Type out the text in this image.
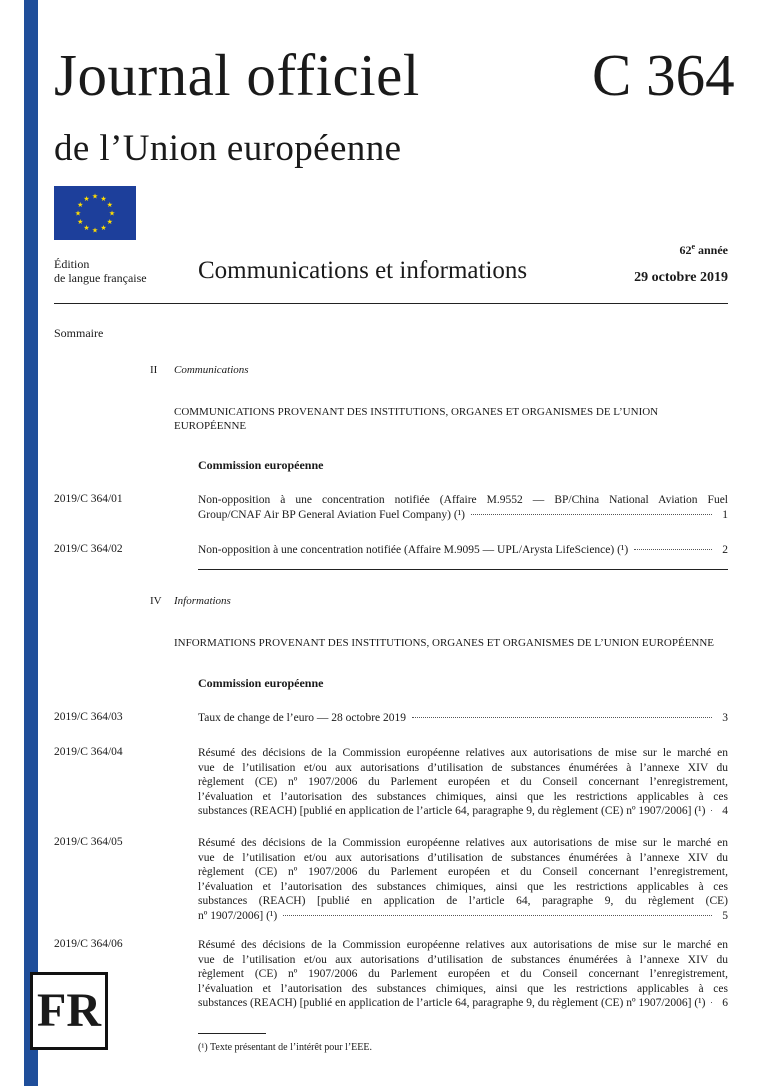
Journal officiel	C 364
de l’Union européenne
★ ★
★
★
★
★
★
★
★
★
★
★
Édition
de langue française Communications et informations
62e année
29 octobre 2019
Sommaire
II Communications
COMMUNICATIONS PROVENANT DES INSTITUTIONS, ORGANES ET ORGANISMES DE L’UNION EUROPÉENNE
Commission européenne
2019/C 364/01	Non-opposition à une concentration notifiée (Affaire M.9552 — BP/China National Aviation Fuel
Group/CNAF Air BP General Aviation Fuel Company) (¹)	1
2019/C 364/02	Non-opposition à une concentration notifiée (Affaire M.9095 — UPL/Arysta LifeScience) (¹)	2
IV Informations
INFORMATIONS PROVENANT DES INSTITUTIONS, ORGANES ET ORGANISMES DE L’UNION EUROPÉENNE
Commission européenne
2019/C 364/03	Taux de change de l’euro — 28 octobre 2019	3
2019/C 364/04	Résumé des décisions de la Commission européenne relatives aux autorisations de mise sur le marché en
vue de l’utilisation et/ou aux autorisations d’utilisation de substances énumérées à l’annexe XIV du
règlement (CE) nº 1907/2006 du Parlement européen et du Conseil concernant l’enregistrement,
l’évaluation et l’autorisation des substances chimiques, ainsi que les restrictions applicables à ces
substances (REACH) [publié en application de l’article 64, paragraphe 9, du règlement (CE) nº 1907/2006] (¹)	4
2019/C 364/05	Résumé des décisions de la Commission européenne relatives aux autorisations de mise sur le marché en
vue de l’utilisation et/ou aux autorisations d’utilisation de substances énumérées à l’annexe XIV du
règlement (CE) nº 1907/2006 du Parlement européen et du Conseil concernant l’enregistrement,
l’évaluation et l’autorisation des substances chimiques, ainsi que les restrictions applicables à ces
substances (REACH) [publié en application de l’article 64, paragraphe 9, du règlement (CE)
nº 1907/2006] (¹)	5
2019/C 364/06	Résumé des décisions de la Commission européenne relatives aux autorisations de mise sur le marché en
vue de l’utilisation et/ou aux autorisations d’utilisation de substances énumérées à l’annexe XIV du
règlement (CE) nº 1907/2006 du Parlement européen et du Conseil concernant l’enregistrement,
l’évaluation et l’autorisation des substances chimiques, ainsi que les restrictions applicables à ces
substances (REACH) [publié en application de l’article 64, paragraphe 9, du règlement (CE) nº 1907/2006] (¹)	6
FR
(¹) Texte présentant de l’intérêt pour l’EEE.
